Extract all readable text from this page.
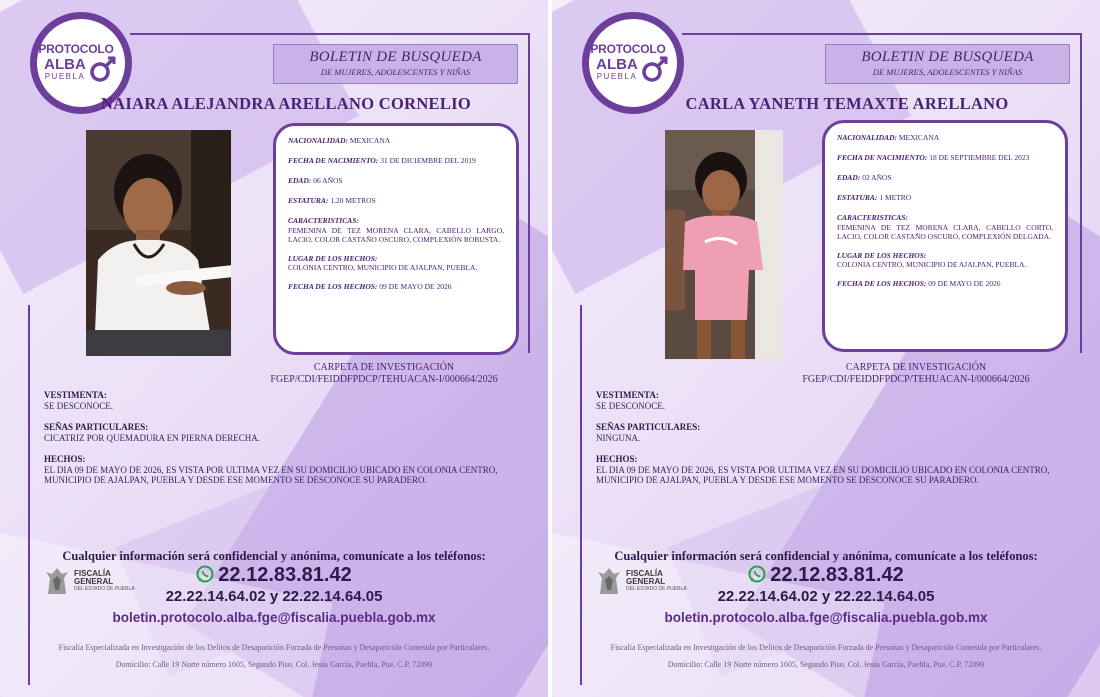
PROTOCOLO
ALBA
PUEBLA
BOLETIN DE BUSQUEDA
DE MUJERES, ADOLESCENTES Y NIÑAS
NAIARA ALEJANDRA ARELLANO CORNELIO
NACIONALIDAD: MEXICANA
FECHA DE NACIMIENTO: 31 DE DICIEMBRE DEL 2019
EDAD: 06 AÑOS
ESTATURA: 1.20 METROS
CARACTERISTICAS:
FEMENINA DE TEZ MORENA CLARA, CABELLO LARGO, LACIO, COLOR CASTAÑO OSCURO, COMPLEXIÓN ROBUSTA.
LUGAR DE LOS HECHOS:
COLONIA CENTRO, MUNICIPIO DE AJALPAN, PUEBLA.
FECHA DE LOS HECHOS: 09 DE MAYO DE 2026
CARPETA DE INVESTIGACIÓN
FGEP/CDI/FEIDDFPDCP/TEHUACAN-I/000664/2026
VESTIMENTA:
SE DESCONOCE.
SEÑAS PARTICULARES:
CICATRIZ POR QUEMADURA EN PIERNA DERECHA.
HECHOS:
EL DIA 09 DE MAYO DE 2026, ES VISTA POR ULTIMA VEZ EN SU DOMICILIO UBICADO EN COLONIA CENTRO, MUNICIPIO DE AJALPAN, PUEBLA Y DESDE ESE MOMENTO SE DESCONOCE SU PARADERO.
Cualquier información será confidencial y anónima, comunícate a los teléfonos:
22.12.83.81.42
22.22.14.64.02 y 22.22.14.64.05
boletin.protocolo.alba.fge@fiscalia.puebla.gob.mx
Fiscalía Especializada en Investigación de los Delitos de Desaparición Forzada de Personas y Desaparición Cometida por Particulares.
Domicilio: Calle 19 Norte número 1605, Segundo Piso. Col. Jesús García, Puebla, Pue. C.P. 72090
FISCALÍA
GENERAL
DEL ESTADO DE PUEBLA
PROTOCOLO
ALBA
PUEBLA
BOLETIN DE BUSQUEDA
DE MUJERES, ADOLESCENTES Y NIÑAS
CARLA YANETH TEMAXTE ARELLANO
NACIONALIDAD: MEXICANA
FECHA DE NACIMIENTO: 18 DE SEPTIEMBRE DEL 2023
EDAD: 02 AÑOS
ESTATURA: 1 METRO
CARACTERISTICAS:
FEMENINA DE TEZ MORENA CLARA, CABELLO CORTO, LACIO, COLOR CASTAÑO OSCURO, COMPLEXIÓN DELGADA.
LUGAR DE LOS HECHOS:
COLONIA CENTRO, MUNICIPIO DE AJALPAN, PUEBLA.
FECHA DE LOS HECHOS: 09 DE MAYO DE 2026
CARPETA DE INVESTIGACIÓN
FGEP/CDI/FEIDDFPDCP/TEHUACAN-I/000664/2026
VESTIMENTA:
SE DESCONOCE.
SEÑAS PARTICULARES:
NINGUNA.
HECHOS:
EL DIA 09 DE MAYO DE 2026, ES VISTA POR ULTIMA VEZ EN SU DOMICILIO UBICADO EN COLONIA CENTRO, MUNICIPIO DE AJALPAN, PUEBLA Y DESDE ESE MOMENTO SE DESCONOCE SU PARADERO.
Cualquier información será confidencial y anónima, comunícate a los teléfonos:
22.12.83.81.42
22.22.14.64.02 y 22.22.14.64.05
boletin.protocolo.alba.fge@fiscalia.puebla.gob.mx
Fiscalía Especializada en Investigación de los Delitos de Desaparición Forzada de Personas y Desaparición Cometida por Particulares.
Domicilio: Calle 19 Norte número 1605, Segundo Piso. Col. Jesús García, Puebla, Pue. C.P. 72090
FISCALÍA
GENERAL
DEL ESTADO DE PUEBLA
